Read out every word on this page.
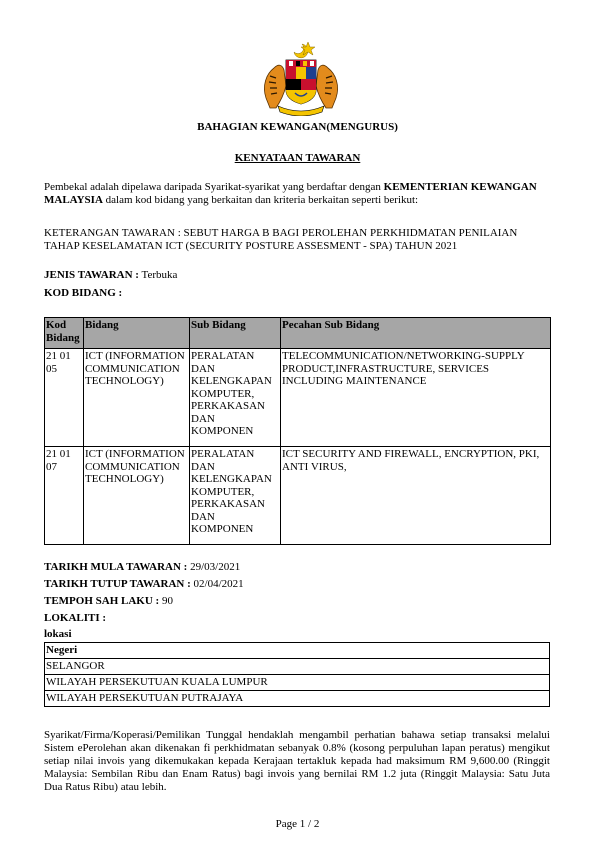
BAHAGIAN KEWANGAN(MENGURUS)
KENYATAAN TAWARAN
Pembekal adalah dipelawa daripada Syarikat-syarikat yang berdaftar dengan KEMENTERIAN KEWANGAN MALAYSIA dalam kod bidang yang berkaitan dan kriteria berkaitan seperti berikut:
KETERANGAN TAWARAN : SEBUT HARGA B BAGI PEROLEHAN PERKHIDMATAN PENILAIAN TAHAP KESELAMATAN ICT (SECURITY POSTURE ASSESMENT - SPA) TAHUN 2021
JENIS TAWARAN : Terbuka
KOD BIDANG :
Kod Bidang	Bidang	Sub Bidang	Pecahan Sub Bidang
21 01 05	ICT (INFORMATION COMMUNICATION TECHNOLOGY)	PERALATAN DAN KELENGKAPAN KOMPUTER, PERKAKASAN DAN KOMPONEN	TELECOMMUNICATION/NETWORKING-SUPPLY PRODUCT,INFRASTRUCTURE, SERVICES INCLUDING MAINTENANCE
21 01 07	ICT (INFORMATION COMMUNICATION TECHNOLOGY)	PERALATAN DAN KELENGKAPAN KOMPUTER, PERKAKASAN DAN KOMPONEN	ICT SECURITY AND FIREWALL, ENCRYPTION, PKI, ANTI VIRUS,
TARIKH MULA TAWARAN : 29/03/2021
TARIKH TUTUP TAWARAN : 02/04/2021
TEMPOH SAH LAKU : 90
LOKALITI :
lokasi
Negeri
SELANGOR
WILAYAH PERSEKUTUAN KUALA LUMPUR
WILAYAH PERSEKUTUAN PUTRAJAYA
Syarikat/Firma/Koperasi/Pemilikan Tunggal hendaklah mengambil perhatian bahawa setiap transaksi melalui Sistem ePerolehan akan dikenakan fi perkhidmatan sebanyak 0.8% (kosong perpuluhan lapan peratus) mengikut setiap nilai invois yang dikemukakan kepada Kerajaan tertakluk kepada had maksimum RM 9,600.00 (Ringgit Malaysia: Sembilan Ribu dan Enam Ratus) bagi invois yang bernilai RM 1.2 juta (Ringgit Malaysia: Satu Juta Dua Ratus Ribu) atau lebih.
Page 1 / 2
